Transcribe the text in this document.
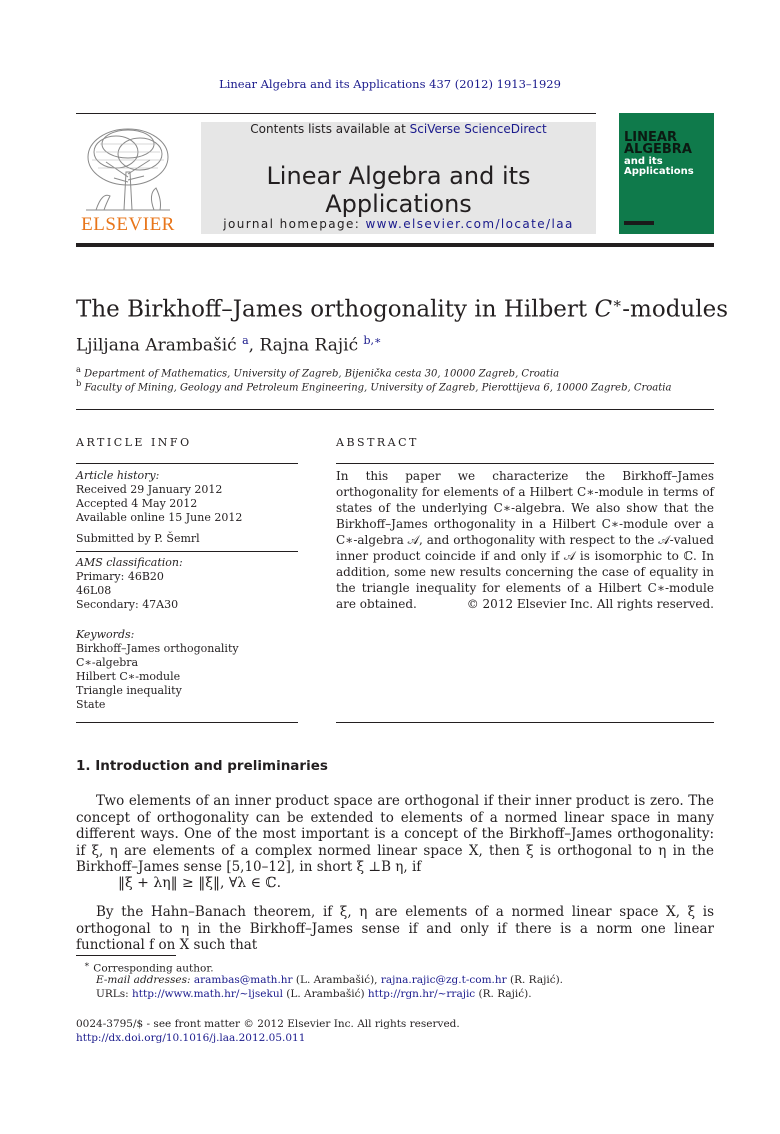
Linear Algebra and its Applications 437 (2012) 1913–1929
ELSEVIER
Contents lists available at SciVerse ScienceDirect
Linear Algebra and its Applications
journal homepage: www.elsevier.com/locate/laa
LINEAR
ALGEBRA
and its
Applications
The Birkhoff–James orthogonality in Hilbert C∗-modules
Ljiljana Arambašić $^a$, Rajna Rajić $^{b,∗}$
$^a$ Department of Mathematics, University of Zagreb, Bijenička cesta 30, 10000 Zagreb, Croatia
$^b$ Faculty of Mining, Geology and Petroleum Engineering, University of Zagreb, Pierottijeva 6, 10000 Zagreb, Croatia
ARTICLE INFO
Article history:
Received 29 January 2012
Accepted 4 May 2012
Available online 15 June 2012
Submitted by P. Šemrl
AMS classification:
Primary: 46B20
46L08
Secondary: 47A30
Keywords:
Birkhoff–James orthogonality
C∗-algebra
Hilbert C∗-module
Triangle inequality
State
ABSTRACT
In this paper we characterize the Birkhoff–James orthogonality for elements of a Hilbert C∗-module in terms of states of the underlying C∗-algebra. We also show that the Birkhoff–James orthogonality in a Hilbert C∗-module over a C∗-algebra 𝒜, and orthogonality with respect to the 𝒜-valued inner product coincide if and only if 𝒜 is isomorphic to ℂ. In addition, some new results concerning the case of equality in the triangle inequality for elements of a Hilbert C∗-module are obtained.	© 2012 Elsevier Inc. All rights reserved.
1. Introduction and preliminaries
Two elements of an inner product space are orthogonal if their inner product is zero. The concept of orthogonality can be extended to elements of a normed linear space in many different ways. One of the most important is a concept of the Birkhoff–James orthogonality: if ξ, η are elements of a complex normed linear space X, then ξ is orthogonal to η in the Birkhoff–James sense [5,10–12], in short ξ ⊥B η, if
‖ξ + λη‖ ≥ ‖ξ‖, ∀λ ∈ ℂ.
By the Hahn–Banach theorem, if ξ, η are elements of a normed linear space X, ξ is orthogonal to η in the Birkhoff–James sense if and only if there is a norm one linear functional f on X such that
∗ Corresponding author.
E-mail addresses: arambas@math.hr (L. Arambašić), rajna.rajic@zg.t-com.hr (R. Rajić).
URLs: http://www.math.hr/∼ljsekul (L. Arambašić) http://rgn.hr/∼rrajic (R. Rajić).
0024-3795/$ - see front matter © 2012 Elsevier Inc. All rights reserved.
http://dx.doi.org/10.1016/j.laa.2012.05.011
